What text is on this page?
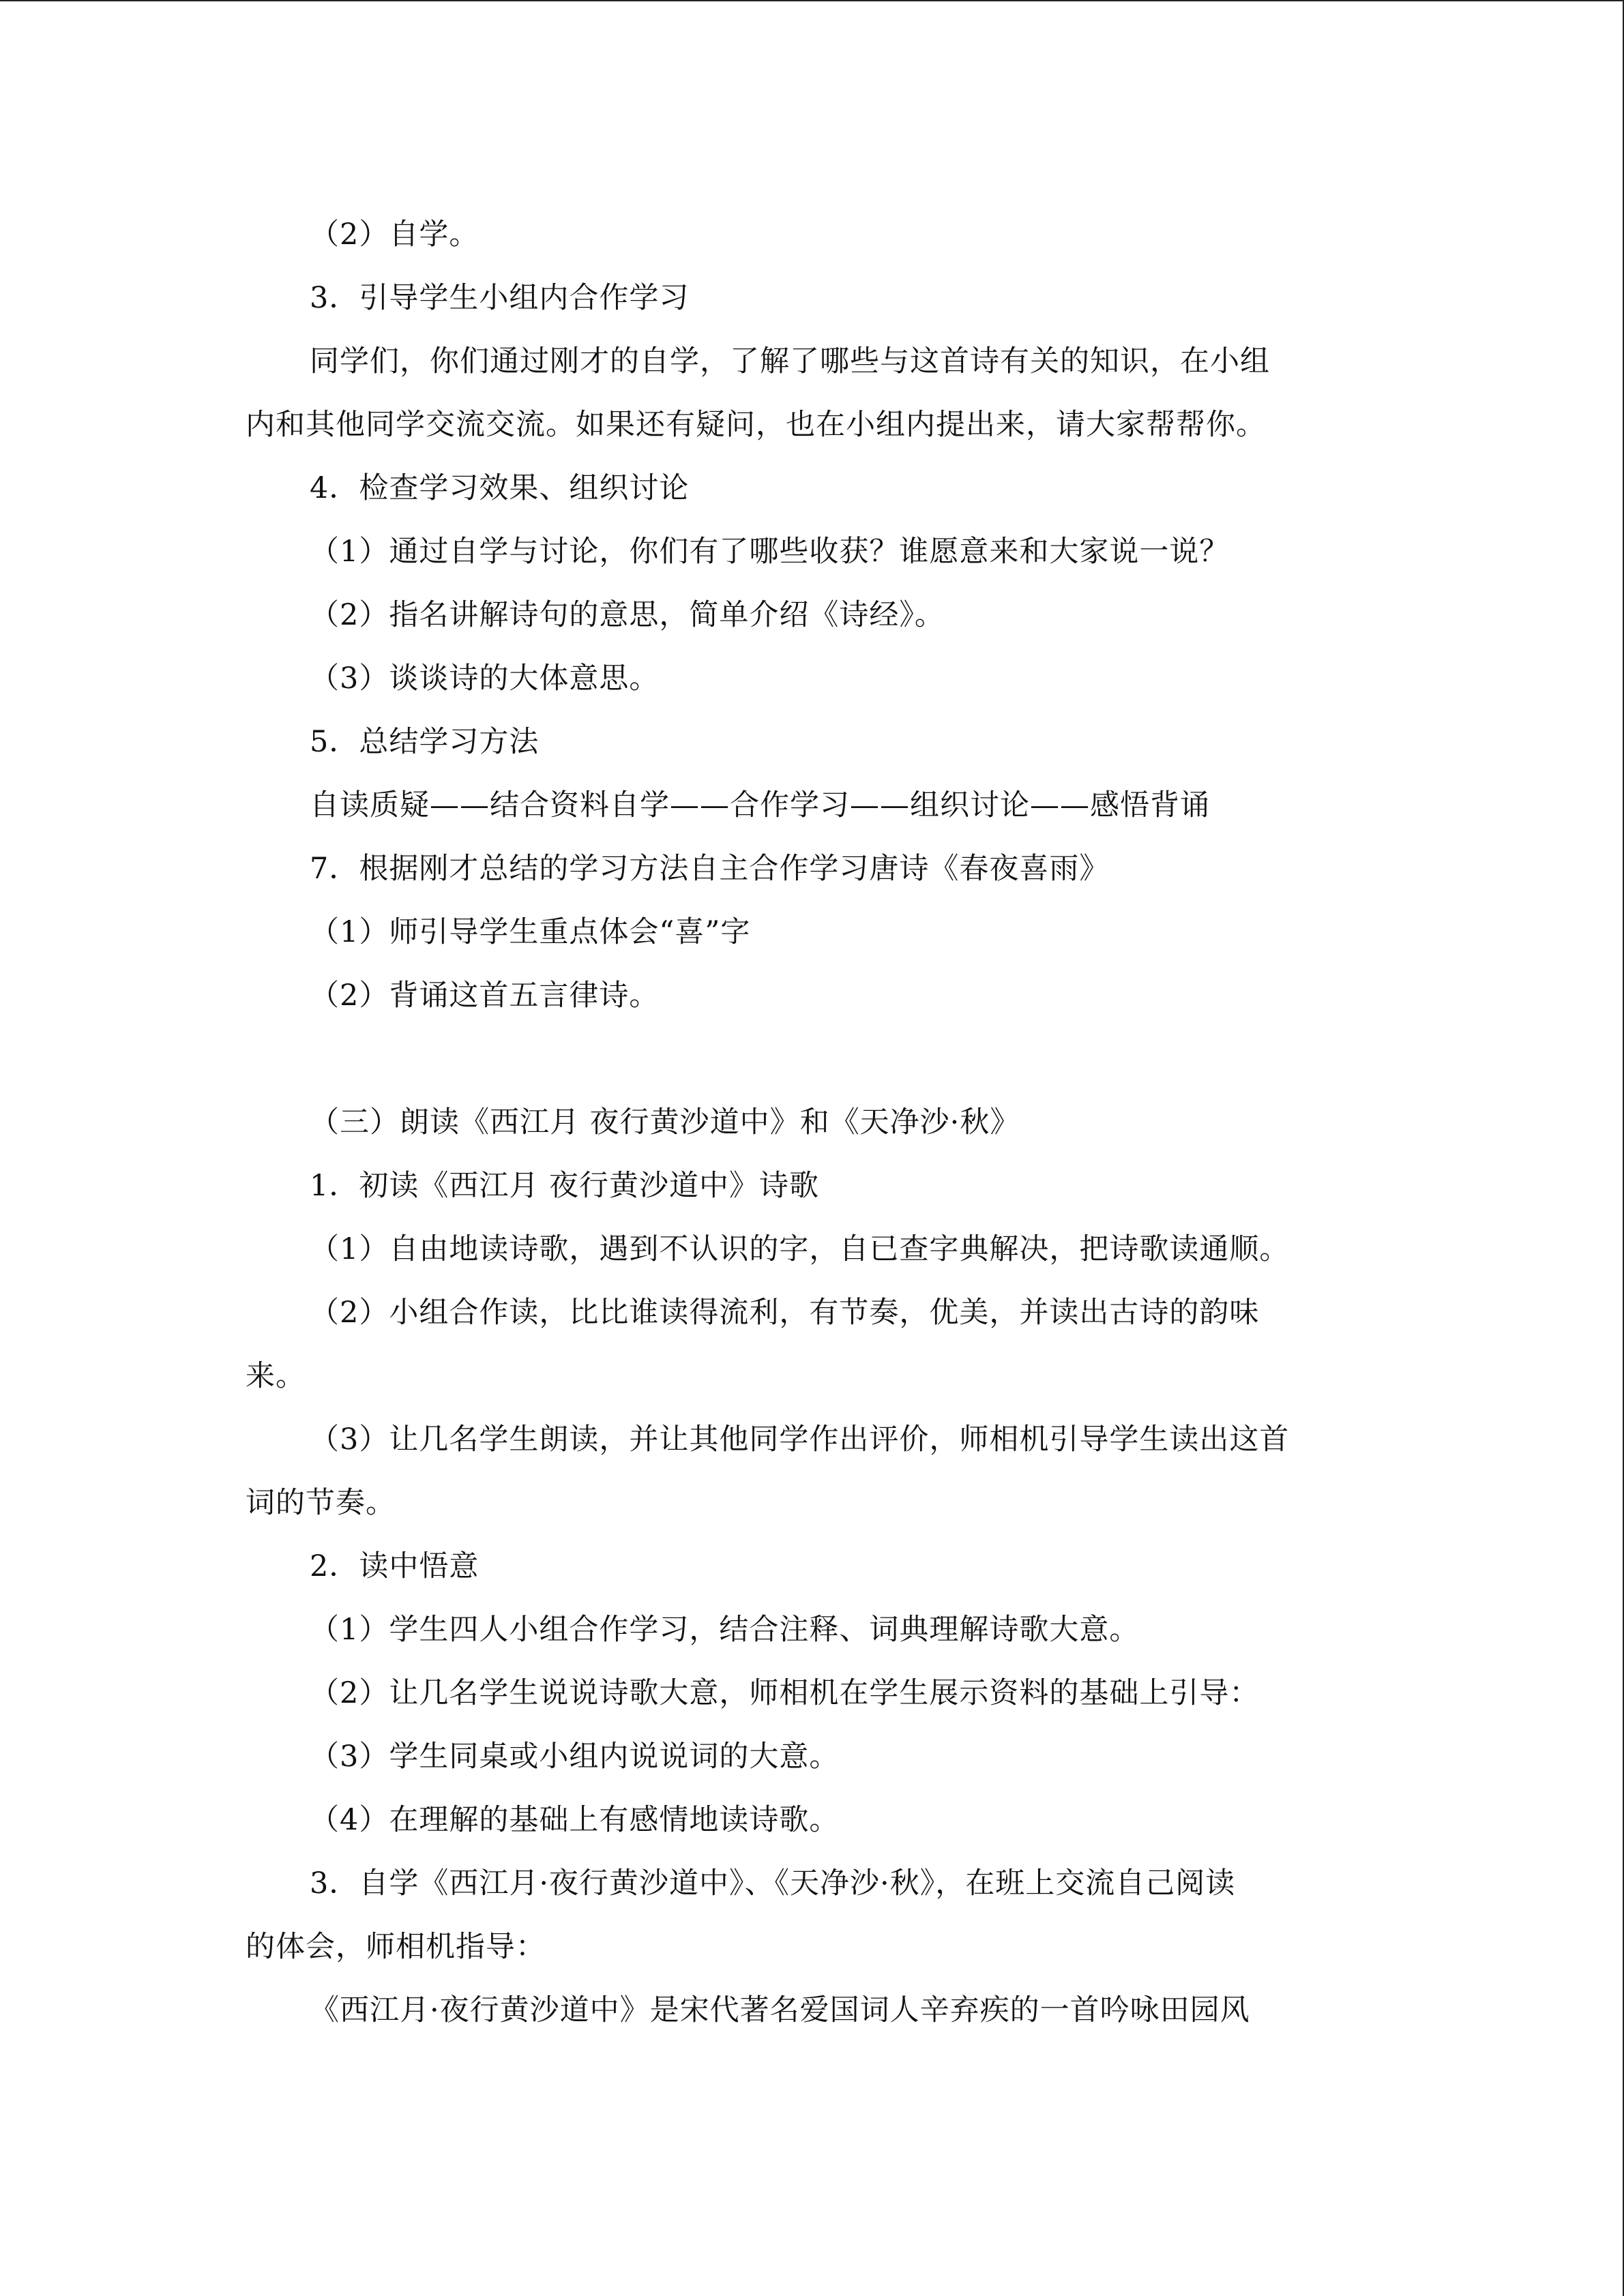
（2）自学。
3．引导学生小组内合作学习
同学们，你们通过刚才的自学，了解了哪些与这首诗有关的知识，在小组
内和其他同学交流交流。如果还有疑问，也在小组内提出来，请大家帮帮你。
4．检查学习效果、组织讨论
（1）通过自学与讨论，你们有了哪些收获？谁愿意来和大家说一说？
（2）指名讲解诗句的意思，简单介绍《诗经》。
（3）谈谈诗的大体意思。
5．总结学习方法
自读质疑——结合资料自学——合作学习——组织讨论——感悟背诵
7．根据刚才总结的学习方法自主合作学习唐诗《春夜喜雨》
（1）师引导学生重点体会“喜”字
（2）背诵这首五言律诗。
（三）朗读《西江月 夜行黄沙道中》和《天净沙·秋》
1．初读《西江月 夜行黄沙道中》诗歌
（1）自由地读诗歌，遇到不认识的字，自已查字典解决，把诗歌读通顺。
（2）小组合作读，比比谁读得流利，有节奏，优美，并读出古诗的韵味
来。
（3）让几名学生朗读，并让其他同学作出评价，师相机引导学生读出这首
词的节奏。
2．读中悟意
（1）学生四人小组合作学习，结合注释、词典理解诗歌大意。
（2）让几名学生说说诗歌大意，师相机在学生展示资料的基础上引导：
（3）学生同桌或小组内说说词的大意。
（4）在理解的基础上有感情地读诗歌。
3．自学《西江月·夜行黄沙道中》、《天净沙·秋》，在班上交流自己阅读
的体会，师相机指导：
《西江月·夜行黄沙道中》是宋代著名爱国词人辛弃疾的一首吟咏田园风
